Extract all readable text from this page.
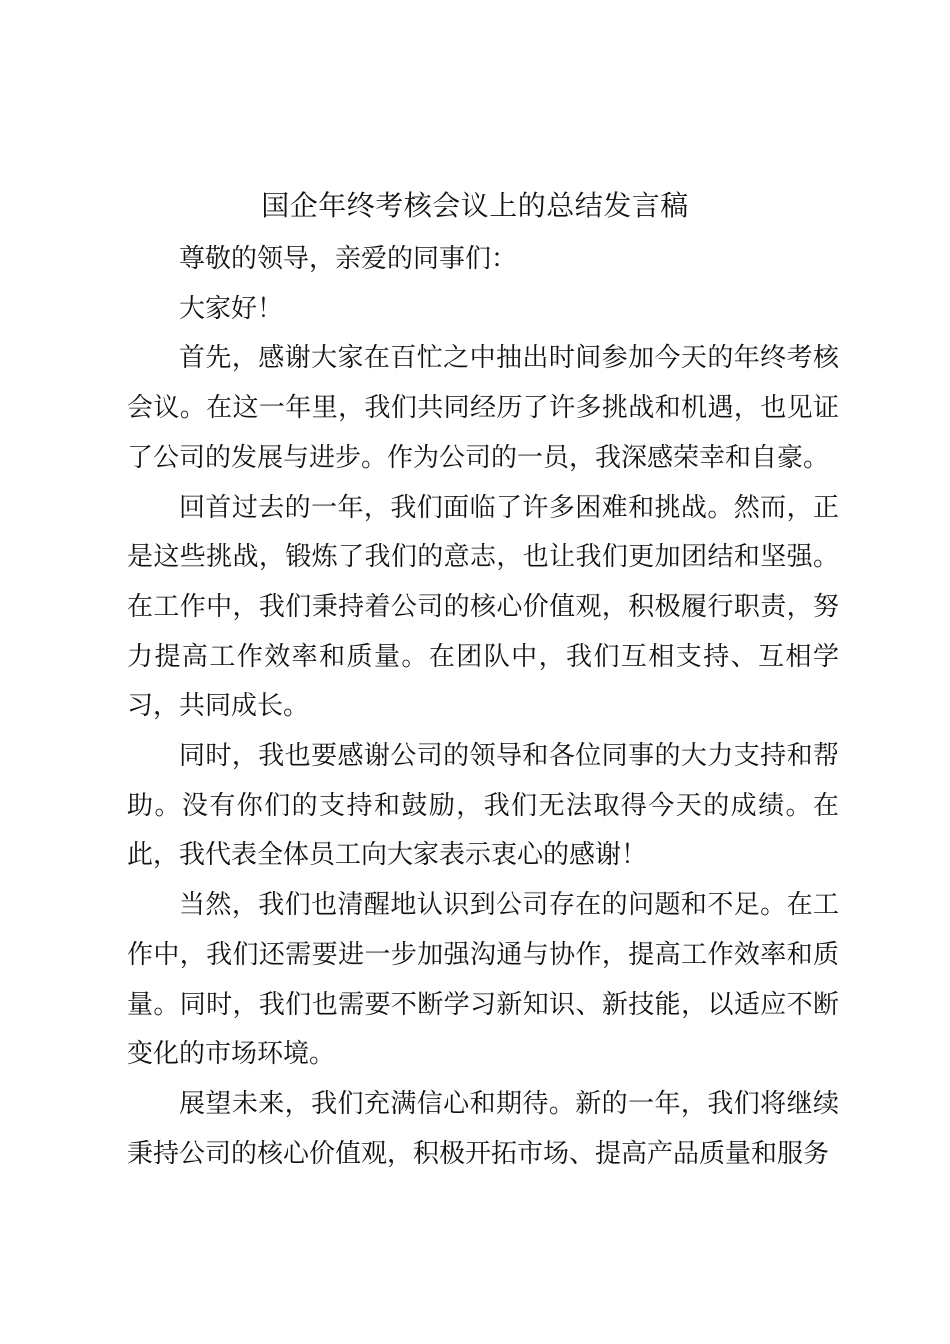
国企年终考核会议上的总结发言稿

尊敬的领导，亲爱的同事们：

大家好！

首先，感谢大家在百忙之中抽出时间参加今天的年终考核会议。在这一年里，我们共同经历了许多挑战和机遇，也见证了公司的发展与进步。作为公司的一员，我深感荣幸和自豪。

回首过去的一年，我们面临了许多困难和挑战。然而，正是这些挑战，锻炼了我们的意志，也让我们更加团结和坚强。在工作中，我们秉持着公司的核心价值观，积极履行职责，努力提高工作效率和质量。在团队中，我们互相支持、互相学习，共同成长。

同时，我也要感谢公司的领导和各位同事的大力支持和帮助。没有你们的支持和鼓励，我们无法取得今天的成绩。在此，我代表全体员工向大家表示衷心的感谢！

当然，我们也清醒地认识到公司存在的问题和不足。在工作中，我们还需要进一步加强沟通与协作，提高工作效率和质量。同时，我们也需要不断学习新知识、新技能，以适应不断变化的市场环境。

展望未来，我们充满信心和期待。新的一年，我们将继续秉持公司的核心价值观，积极开拓市场、提高产品质量和服务
